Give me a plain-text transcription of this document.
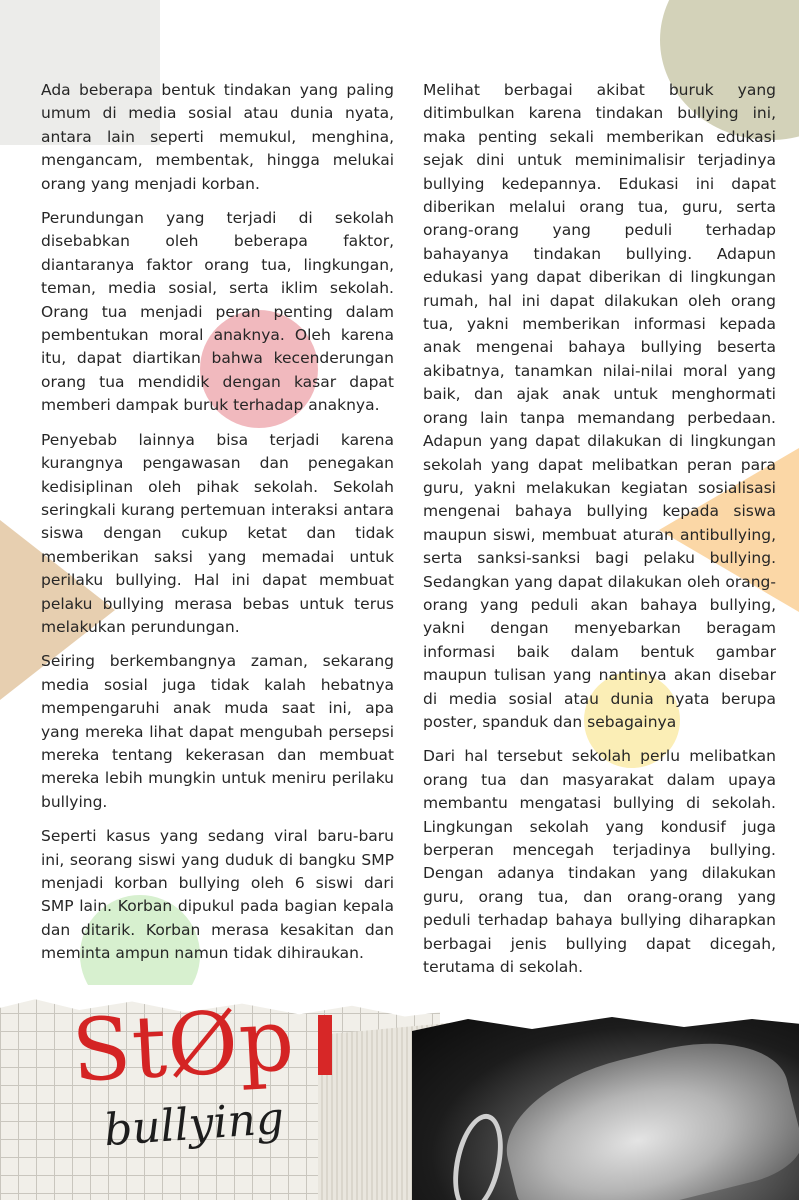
Ada beberapa bentuk tindakan yang paling umum di media sosial atau dunia nyata, antara lain seperti memukul, menghina, mengancam, membentak, hingga melukai orang yang menjadi korban.

Perundungan yang terjadi di sekolah disebabkan oleh beberapa faktor, diantaranya faktor orang tua, lingkungan, teman, media sosial, serta iklim sekolah. Orang tua menjadi peran penting dalam pembentukan moral anaknya. Oleh karena itu, dapat diartikan bahwa kecenderungan orang tua mendidik dengan kasar dapat memberi dampak buruk terhadap anaknya.

Penyebab lainnya bisa terjadi karena kurangnya pengawasan dan penegakan kedisiplinan oleh pihak sekolah. Sekolah seringkali kurang pertemuan interaksi antara siswa dengan cukup ketat dan tidak memberikan saksi yang memadai untuk perilaku bullying. Hal ini dapat membuat pelaku bullying merasa bebas untuk terus melakukan perundungan.

Seiring berkembangnya zaman, sekarang media sosial juga tidak kalah hebatnya mempengaruhi anak muda saat ini, apa yang mereka lihat dapat mengubah persepsi mereka tentang kekerasan dan membuat mereka lebih mungkin untuk meniru perilaku bullying.

Seperti kasus yang sedang viral baru-baru ini, seorang siswi yang duduk di bangku SMP menjadi korban bullying oleh 6 siswi dari SMP lain. Korban dipukul pada bagian kepala dan ditarik. Korban merasa kesakitan dan meminta ampun namun tidak dihiraukan.

Melihat berbagai akibat buruk yang ditimbulkan karena tindakan bullying ini, maka penting sekali memberikan edukasi sejak dini untuk meminimalisir terjadinya bullying kedepannya. Edukasi ini dapat diberikan melalui orang tua, guru, serta orang-orang yang peduli terhadap bahayanya tindakan bullying. Adapun edukasi yang dapat diberikan di lingkungan rumah, hal ini dapat dilakukan oleh orang tua, yakni memberikan informasi kepada anak mengenai bahaya bullying beserta akibatnya, tanamkan nilai-nilai moral yang baik, dan ajak anak untuk menghormati orang lain tanpa memandang perbedaan. Adapun yang dapat dilakukan di lingkungan sekolah yang dapat melibatkan peran para guru, yakni melakukan kegiatan sosialisasi mengenai bahaya bullying kepada siswa maupun siswi, membuat aturan antibullying, serta sanksi-sanksi bagi pelaku bullying. Sedangkan yang dapat dilakukan oleh orang-orang yang peduli akan bahaya bullying, yakni dengan menyebarkan beragam informasi baik dalam bentuk gambar maupun tulisan yang nantinya akan disebar di media sosial atau dunia nyata berupa poster, spanduk dan sebagainya

Dari hal tersebut sekolah perlu melibatkan orang tua dan masyarakat dalam upaya membantu mengatasi bullying di sekolah. Lingkungan sekolah yang kondusif juga berperan mencegah terjadinya bullying. Dengan adanya tindakan yang dilakukan guru, orang tua, dan orang-orang yang peduli terhadap bahaya bullying diharapkan berbagai jenis bullying dapat dicegah, terutama di sekolah.

StØp
bullying
